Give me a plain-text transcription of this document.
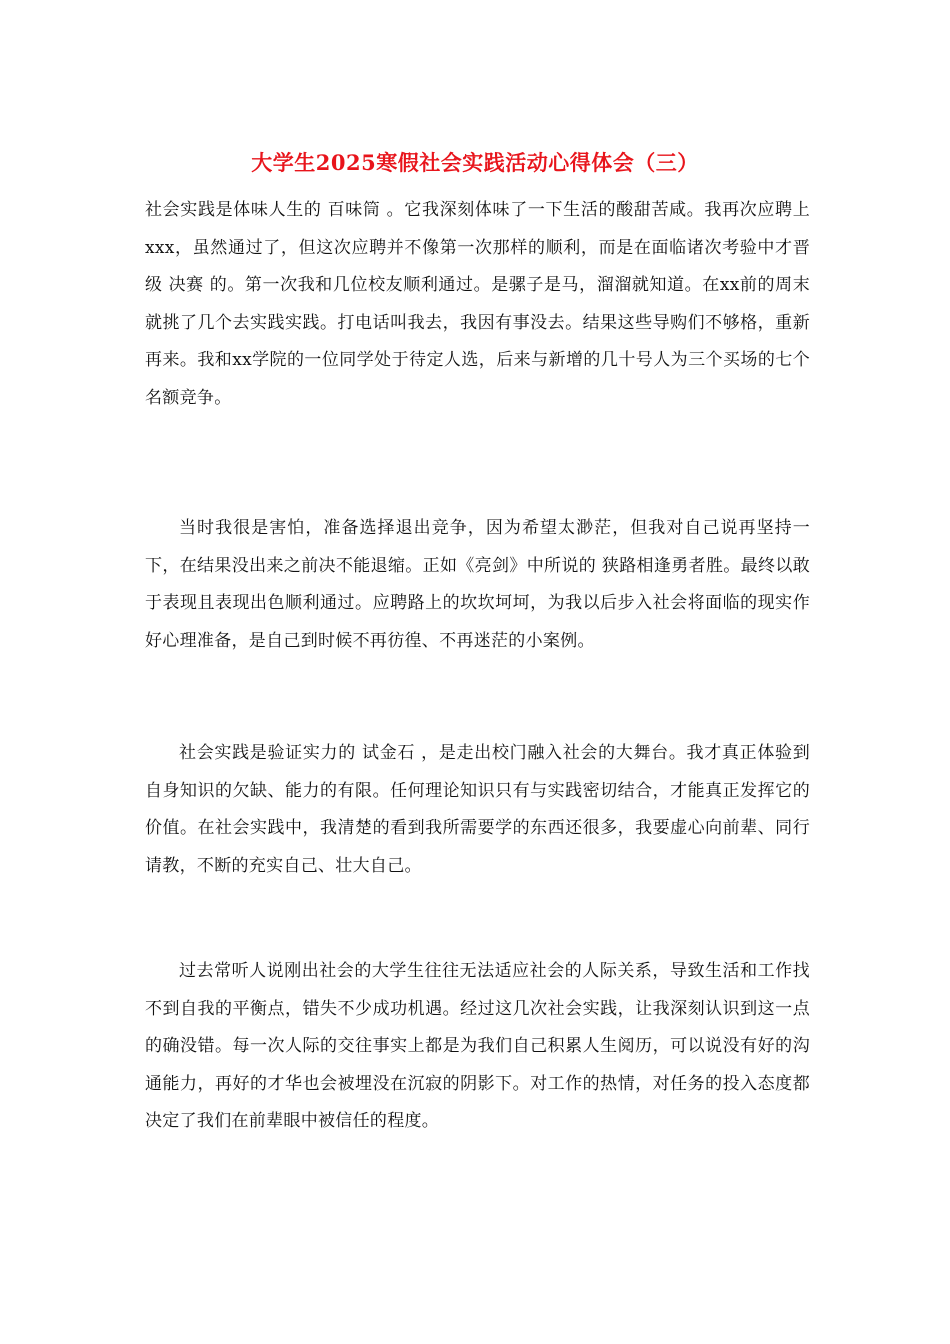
大学生2025寒假社会实践活动心得体会（三）

社会实践是体味人生的 百味筒 。它我深刻体味了一下生活的酸甜苦咸。我再次应聘上xxx，虽然通过了，但这次应聘并不像第一次那样的顺利，而是在面临诸次考验中才晋级 决赛 的。第一次我和几位校友顺利通过。是骡子是马，溜溜就知道。在xx前的周末就挑了几个去实践实践。打电话叫我去，我因有事没去。结果这些导购们不够格，重新再来。我和xx学院的一位同学处于待定人选，后来与新增的几十号人为三个买场的七个名额竞争。

当时我很是害怕，准备选择退出竞争，因为希望太渺茫，但我对自己说再坚持一下，在结果没出来之前决不能退缩。正如《亮剑》中所说的 狭路相逢勇者胜。最终以敢于表现且表现出色顺利通过。应聘路上的坎坎坷坷，为我以后步入社会将面临的现实作好心理准备，是自己到时候不再彷徨、不再迷茫的小案例。

社会实践是验证实力的 试金石 ，是走出校门融入社会的大舞台。我才真正体验到自身知识的欠缺、能力的有限。任何理论知识只有与实践密切结合，才能真正发挥它的价值。在社会实践中，我清楚的看到我所需要学的东西还很多，我要虚心向前辈、同行请教，不断的充实自己、壮大自己。

过去常听人说刚出社会的大学生往往无法适应社会的人际关系，导致生活和工作找不到自我的平衡点，错失不少成功机遇。经过这几次社会实践，让我深刻认识到这一点的确没错。每一次人际的交往事实上都是为我们自己积累人生阅历，可以说没有好的沟通能力，再好的才华也会被埋没在沉寂的阴影下。对工作的热情，对任务的投入态度都决定了我们在前辈眼中被信任的程度。
